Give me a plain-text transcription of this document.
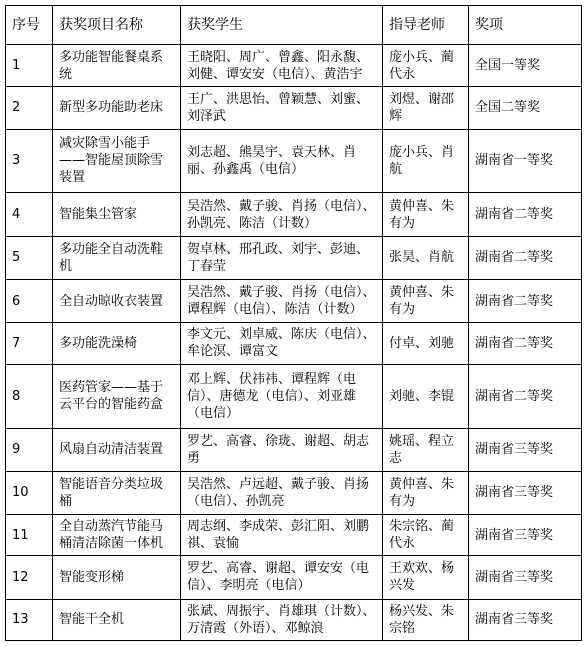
序号	获奖项目名称	获奖学生	指导老师	奖项
1	多功能智能餐桌系统	王晓阳、周广、曾鑫、阳永馥、刘健、谭安安（电信）、黄浩宇	庞小兵、蔺代永	全国一等奖
2	新型多功能助老床	王广、洪思怡、曾颖慧、刘蜜、刘泽武	刘煜、谢邵辉	全国二等奖
3	减灾除雪小能手——智能屋顶除雪装置	刘志超、熊昊宇、袁天林、肖丽、孙鑫禹（电信）	庞小兵、肖航	湖南省一等奖
4	智能集尘管家	吴浩然、戴子骏、肖扬（电信）、孙凯亮、陈洁（计数）	黄仲喜、朱有为	湖南省二等奖
5	多功能全自动洗鞋机	贺卓林、邢孔政、刘宇、彭迪、丁春莹	张昊、肖航	湖南省二等奖
6	全自动晾收衣装置	吴浩然、戴子骏、肖扬（电信）、谭程辉（电信）、陈洁（计数）	黄仲喜、朱有为	湖南省二等奖
7	多功能洗澡椅	李文元、刘卓威、陈庆（电信）、牟论溟、谭富文	付卓、刘驰	湖南省二等奖
8	医药管家——基于云平台的智能药盒	邓上辉、伏祎祎、谭程辉（电信）、唐德龙（电信）、刘亚雄（电信）	刘驰、李锟	湖南省二等奖
9	风扇自动清洁装置	罗艺、高睿、徐珑、谢超、胡志勇	姚瑶、程立志	湖南省三等奖
10	智能语音分类垃圾桶	吴浩然、卢远超、戴子骏、肖扬（电信）、孙凯亮	黄仲喜、朱有为	湖南省三等奖
11	全自动蒸汽节能马桶清洁除菌一体机	周志纲、李成荣、彭汇阳、刘鹏祺、袁愉	朱宗铭、蔺代永	湖南省三等奖
12	智能变形梯	罗艺、高睿、谢超、谭安安（电信）、李明亮（电信）	王欢欢、杨兴发	湖南省三等奖
13	智能干全机	张斌、周振宇、肖雄琪（计数）、万清霞（外语）、邓鲸浪	杨兴发、朱宗铭	湖南省三等奖
